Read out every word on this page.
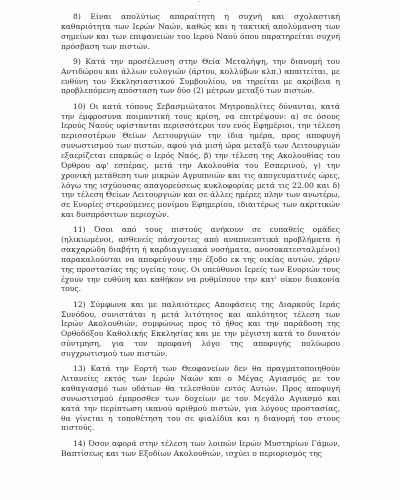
·

8) Είναι απολύτως απαραίτητη η συχνή και σχολαστική καθαριότητα των Ιερών Ναών, καθώς και η τακτική απολύμανση των σημείων και των επιφανειών του Ιερού Ναού όπου παρατηρείται συχνή πρόσβαση των πιστών.

9) Κατά την προσέλευση στην Θεία Μεταλήψη, την διανομή του Αντιδώρου και άλλων ευλογιών (άρτου, κολλύβων κλπ.) απαιτείται, με ευθύνη του Εκκλησιαστικού Συμβουλίου, να τηρείται με ακρίβεια η προβλεπόμενη απόσταση των δύο (2) μέτρων μεταξύ των πιστών.

10) Οι κατά τόπους Σεβασμιώτατοι Μητροπολίτες δύνανται, κατά την έμφροσυνα ποιμαντική τους κρίση, να επιτρέψουν: α) σε όσους Ιερούς Ναούς υφίστανται περισσότεροι του ενός Εφημέριοι, την τέλεση περισσοτέρων Θείων Λειτουργιών την ίδια ημέρα, προς αποφυγή συνωστισμού των πιστών, αφού γιά μισή ώρα μεταξύ των Λειτουργιών εξαερίζεται επαρκώς ο Ιερός Ναός, β) την τέλεση της Ακολουθίας του Όρθρου αφ' εσπέρας, μετά την Ακολουθία του Εσπερινού, γ) την χρονική μετάθεση των μικρών Αγρυπνιών και τις απογευματινές ώρες, λόγω της ισχύουσας απαγορεύσεως κυκλοφορίας μετά τις 22.00 και δ) την τέλεση Θείων Λειτουργιών και σε άλλες ημέρες πλην των ανωτέρω, σε Ενορίες στερούμενες μονίμου Εφημερίου, ιδιαιτέρως των ακριτικών και δυσπρόσιτων περιοχών.

11) Όσοι από τους πιστούς ανήκουν σε ευπαθείς ομάδες (ηλικιωμένοι, ασθενείς πάσχοντες από αναπνευστικά προβλήματα ή σακχαρώδη διαβήτη ή καρδιαγγειακά νοσήματα, ανοσοκατεσταλμένοι) παρακαλούνται να αποφεύγουν την έξοδο εκ της οικίας αυτών, χάριν της προστασίας της υγείας τους. Οι υπεύθυνοι Ιερείς των Ενοριών τους έχουν την ευθύνη και καθήκον να ρυθμίσουν την κατ' οίκον διακονία τους.

12) Σύμφωνα και με παλαιότερες Αποφάσεις της Διαρκούς Ιεράς Συνόδου, συνιστάται η μετά λιτότητος και απλότητος τέλεση των Ιερών Ακολουθιών, συμφώνως προς τό ήθος και την παράδοση της Ορθοδόξου Καθολικής Εκκλησίας και με την μέγιστη κατά το δυνατόν σύντμηση, για τον προφανή λόγο της αποφυγής πολύωρου συγχρωτισμού των πιστών.

13) Κατά την Εορτή των Θεοφανείων δεν θα πραγματοποιηθούν Λιτανείες εκτός των Ιερών Ναών και ο Μέγας Αγιασμός με τον καθαγιασμό των υδάτων θα τελεσθούν εντός Αυτών. Προς αποφυγή συνωστισμού έμπροσθεν των δοχείων με τον Μεγάλο Αγιασμό και κατά την περίπτωση ικανού αριθμού πιστών, για λόγους προστασίας, θα γίνεται η τοποθέτηση του σε φιαλίδια και η διανομή του στους πιστούς.

14) Όσον αφορά στην τέλεση των λοιπών Ιερών Μυστηρίων Γάμων, Βαπτίσεως και των Εξοδίων Ακολουθιών, ισχύει ο περιορισμός της
